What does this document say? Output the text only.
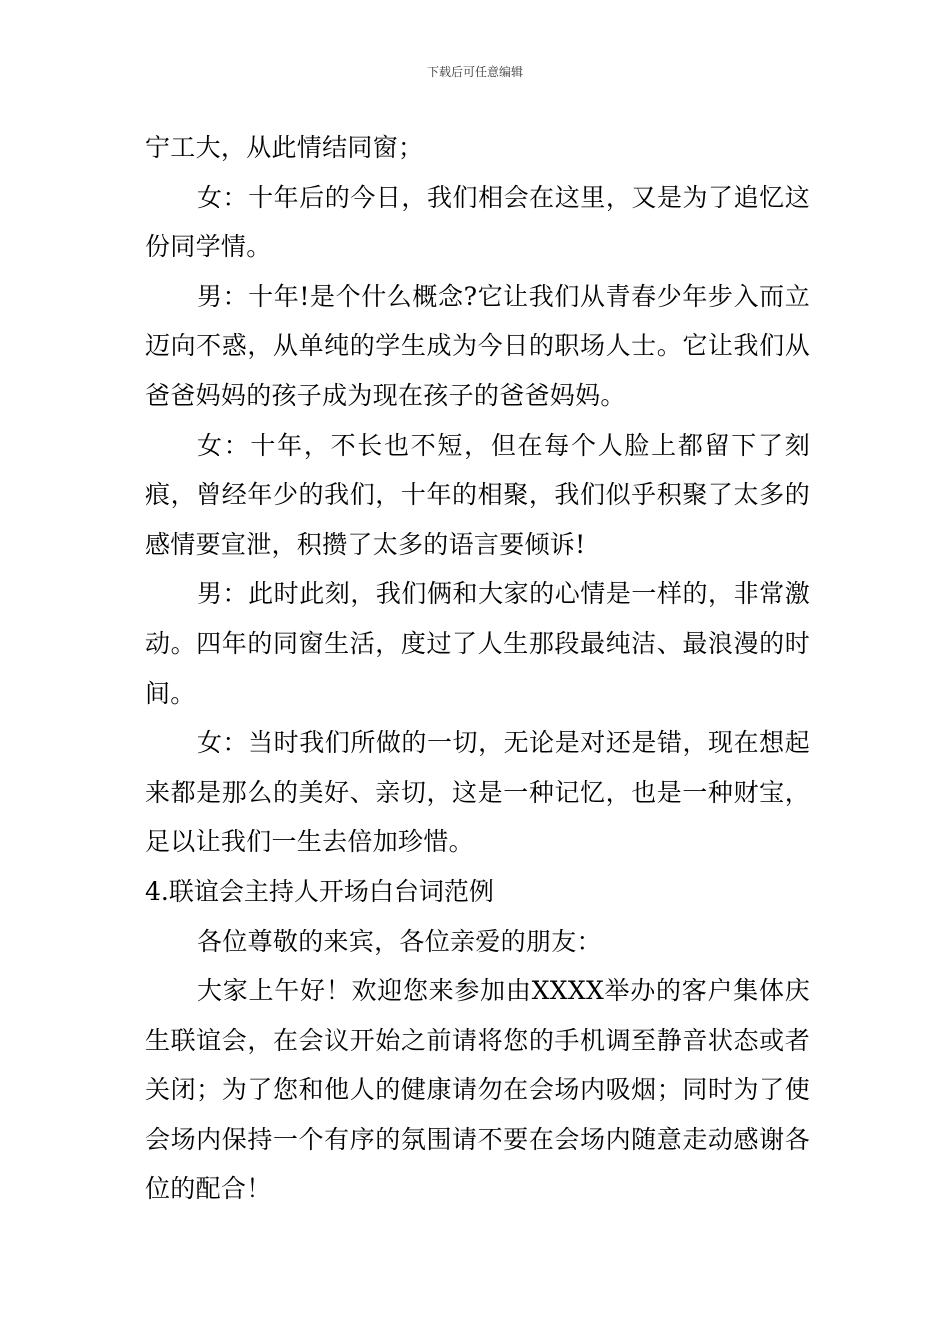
下载后可任意编辑

宁工大，从此情结同窗；

女：十年后的今日，我们相会在这里，又是为了追忆这份同学情。

男：十年!是个什么概念?它让我们从青春少年步入而立迈向不惑，从单纯的学生成为今日的职场人士。它让我们从爸爸妈妈的孩子成为现在孩子的爸爸妈妈。

女：十年，不长也不短，但在每个人脸上都留下了刻痕，曾经年少的我们，十年的相聚，我们似乎积聚了太多的感情要宣泄，积攒了太多的语言要倾诉!

男：此时此刻，我们俩和大家的心情是一样的，非常激动。四年的同窗生活，度过了人生那段最纯洁、最浪漫的时间。

女：当时我们所做的一切，无论是对还是错，现在想起来都是那么的美好、亲切，这是一种记忆，也是一种财宝，足以让我们一生去倍加珍惜。

4.联谊会主持人开场白台词范例

各位尊敬的来宾，各位亲爱的朋友：

大家上午好！欢迎您来参加由XXXX举办的客户集体庆生联谊会，在会议开始之前请将您的手机调至静音状态或者关闭；为了您和他人的健康请勿在会场内吸烟；同时为了使会场内保持一个有序的氛围请不要在会场内随意走动感谢各位的配合！
